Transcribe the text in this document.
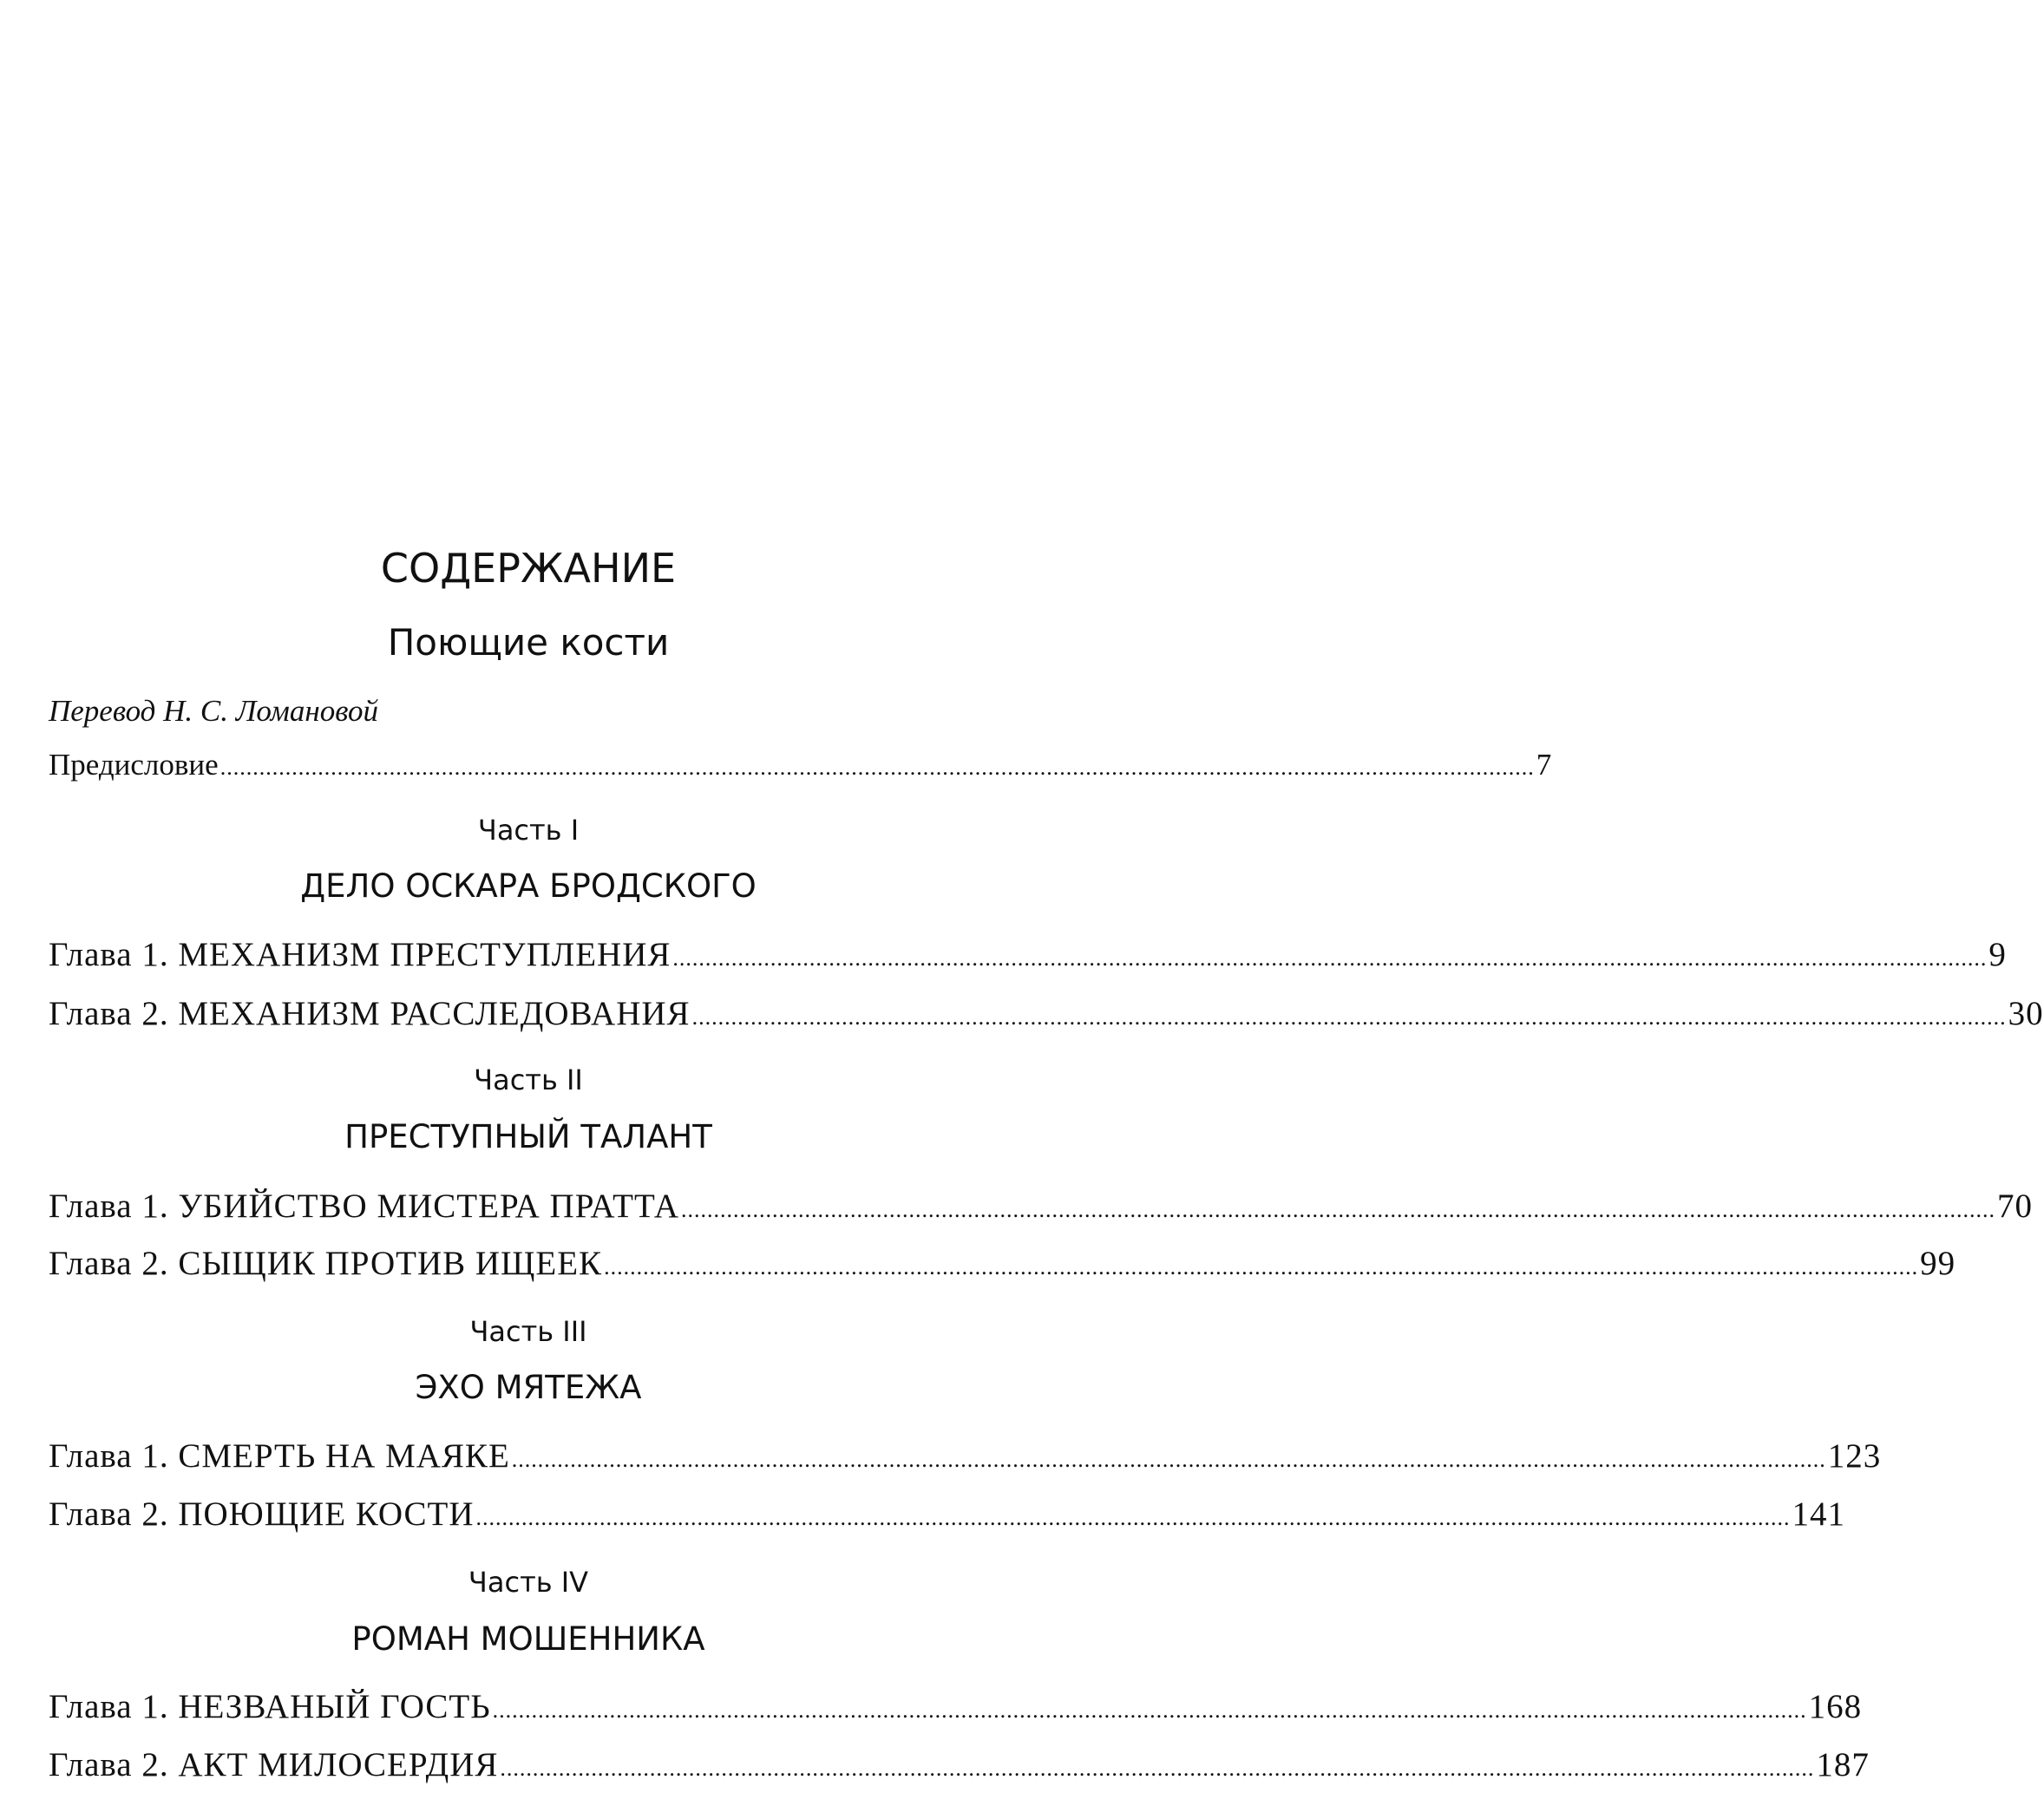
СОДЕРЖАНИЕ
Поющие кости
Перевод Н. С. Ломановой
Предисловие .......................................................................................................................................................................................................... 7
Часть I
ДЕЛО ОСКАРА БРОДСКОГО
Глава 1. МЕХАНИЗМ ПРЕСТУПЛЕНИЯ .......................................................................................................................................................................................................... 9
Глава 2. МЕХАНИЗМ РАССЛЕДОВАНИЯ .......................................................................................................................................................................................................... 30
Часть II
ПРЕСТУПНЫЙ ТАЛАНТ
Глава 1. УБИЙСТВО МИСТЕРА ПРАТТА .......................................................................................................................................................................................................... 70
Глава 2. СЫЩИК ПРОТИВ ИЩЕЕК .......................................................................................................................................................................................................... 99
Часть III
ЭХО МЯТЕЖА
Глава 1. СМЕРТЬ НА МАЯКЕ .......................................................................................................................................................................................................... 123
Глава 2. ПОЮЩИЕ КОСТИ .......................................................................................................................................................................................................... 141
Часть IV
РОМАН МОШЕННИКА
Глава 1. НЕЗВАНЫЙ ГОСТЬ .......................................................................................................................................................................................................... 168
Глава 2. АКТ МИЛОСЕРДИЯ .......................................................................................................................................................................................................... 187
